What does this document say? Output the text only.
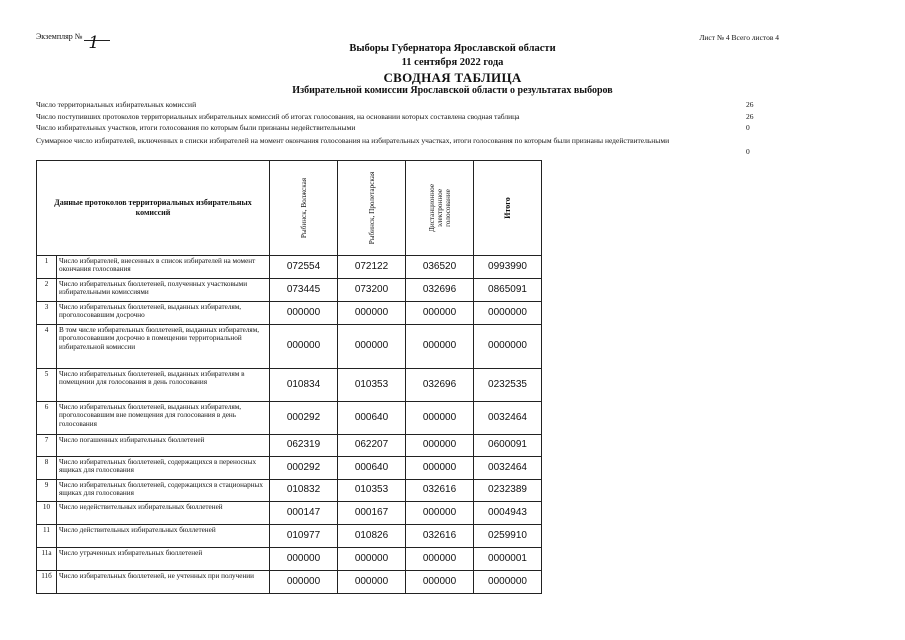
Экземпляр № 1	Лист № 4 Всего листов 4
Выборы Губернатора Ярославской области
11 сентября 2022 года
СВОДНАЯ ТАБЛИЦА
Избирательной комиссии Ярославской области о результатах выборов
Число территориальных избирательных комиссий	26
Число поступивших протоколов территориальных избирательных комиссий об итогах голосования, на основании которых составлена сводная таблица	26
Число избирательных участков, итоги голосования по которым были признаны недействительными	0
Суммарное число избирателей, включенных в списки избирателей на момент окончания голосования на избирательных участках, итоги голосования по которым были признаны недействительными
0
Данные протоколов территориальных избирательных комиссий		Рыбинск, Волжская	Рыбинск, Пролетарская	Дистанционное электронное голосование	Итого

1	Число избирателей, внесенных в список избирателей на момент окончания голосования	072554	072122	036520	0993990
2	Число избирательных бюллетеней, полученных участковыми избирательными комиссиями	073445	073200	032696	0865091
3	Число избирательных бюллетеней, выданных избирателям, проголосовавшим досрочно	000000	000000	000000	0000000
4	В том числе избирательных бюллетеней, выданных избирателям, проголосовавшим досрочно в помещении территориальной избирательной комиссии	000000	000000	000000	0000000
5	Число избирательных бюллетеней, выданных избирателям в помещении для голосования в день голосования	010834	010353	032696	0232535
6	Число избирательных бюллетеней, выданных избирателям, проголосовавшим вне помещения для голосования в день голосования	000292	000640	000000	0032464
7	Число погашенных избирательных бюллетеней	062319	062207	000000	0600091
8	Число избирательных бюллетеней, содержащихся в переносных ящиках для голосования	000292	000640	000000	0032464
9	Число избирательных бюллетеней, содержащихся в стационарных ящиках для голосования	010832	010353	032616	0232389
10	Число недействительных избирательных бюллетеней	000147	000167	000000	0004943
11	Число действительных избирательных бюллетеней	010977	010826	032616	0259910
11а	Число утраченных избирательных бюллетеней	000000	000000	000000	0000001
11б	Число избирательных бюллетеней, не учтенных при получении	000000	000000	000000	0000000
